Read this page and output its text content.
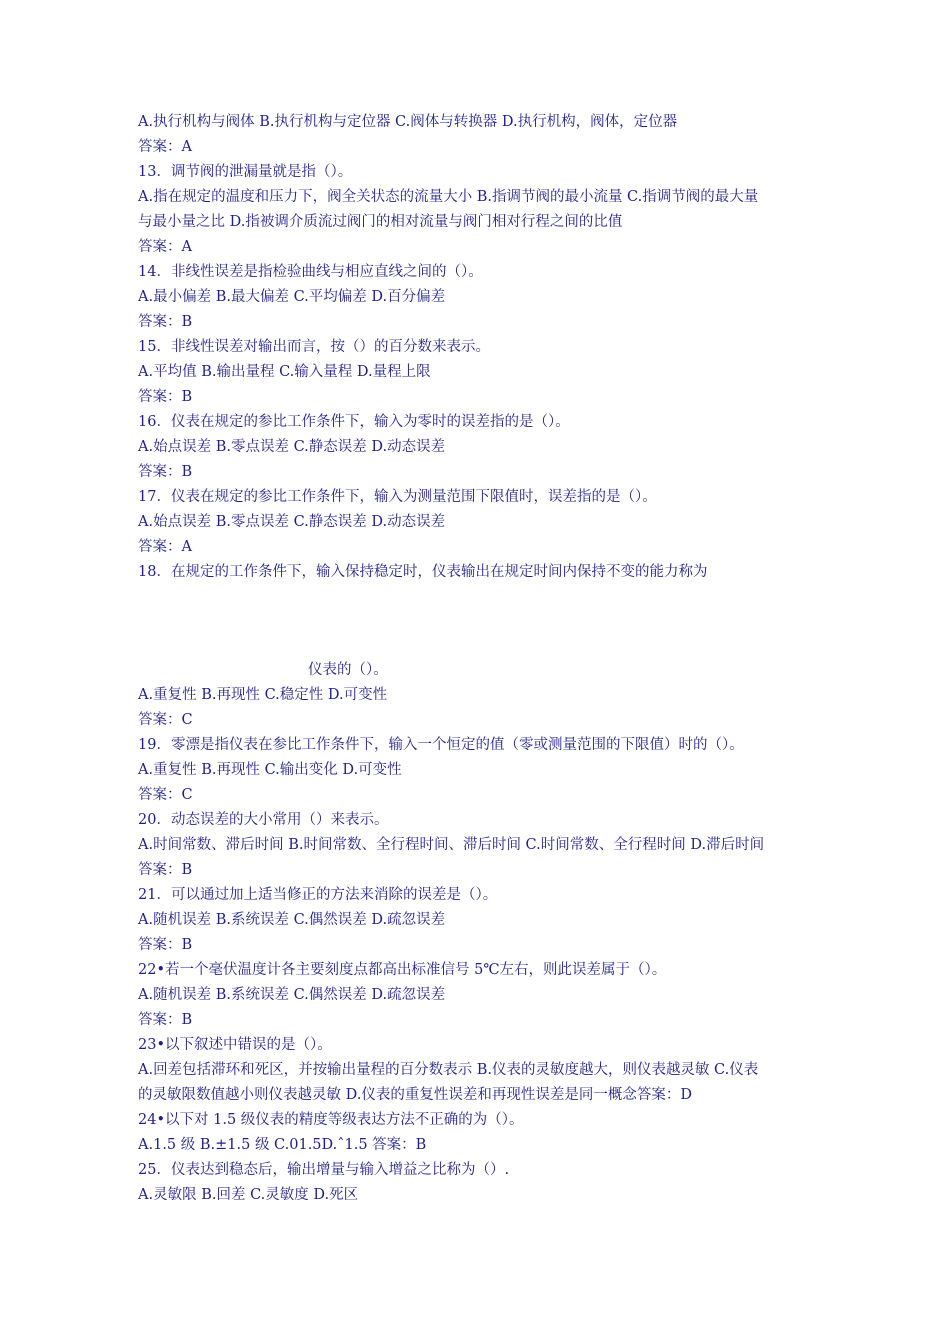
A.执行机构与阀体 B.执行机构与定位器 C.阀体与转换器 D.执行机构，阀体，定位器
答案：A
13．调节阀的泄漏量就是指（）。
A.指在规定的温度和压力下，阀全关状态的流量大小 B.指调节阀的最小流量 C.指调节阀的最大量
与最小量之比 D.指被调介质流过阀门的相对流量与阀门相对行程之间的比值
答案：A
14．非线性误差是指检验曲线与相应直线之间的（）。
A.最小偏差 B.最大偏差 C.平均偏差 D.百分偏差
答案：B
15．非线性误差对输出而言，按（）的百分数来表示。
A.平均值 B.输出量程 C.输入量程 D.量程上限
答案：B
16．仪表在规定的参比工作条件下，输入为零时的误差指的是（）。
A.始点误差 B.零点误差 C.静态误差 D.动态误差
答案：B
17．仪表在规定的参比工作条件下，输入为测量范围下限值时，误差指的是（）。
A.始点误差 B.零点误差 C.静态误差 D.动态误差
答案：A
18．在规定的工作条件下，输入保持稳定时，仪表输出在规定时间内保持不变的能力称为
仪表的（）。
A.重复性 B.再现性 C.稳定性 D.可变性
答案：C
19．零漂是指仪表在参比工作条件下，输入一个恒定的值（零或测量范围的下限值）时的（）。
A.重复性 B.再现性 C.输出变化 D.可变性
答案：C
20．动态误差的大小常用（）来表示。
A.时间常数、滞后时间 B.时间常数、全行程时间、滞后时间 C.时间常数、全行程时间 D.滞后时间
答案：B
21．可以通过加上适当修正的方法来消除的误差是（）。
A.随机误差 B.系统误差 C.偶然误差 D.疏忽误差
答案：B
22•若一个毫伏温度计各主要刻度点都高出标准信号 5℃左右，则此误差属于（）。
A.随机误差 B.系统误差 C.偶然误差 D.疏忽误差
答案：B
23•以下叙述中错误的是（）。
A.回差包括滞环和死区，并按输出量程的百分数表示 B.仪表的灵敏度越大，则仪表越灵敏 C.仪表
的灵敏限数值越小则仪表越灵敏 D.仪表的重复性误差和再现性误差是同一概念答案：D
24•以下对 1.5 级仪表的精度等级表达方法不正确的为（）。
A.1.5 级 B.±1.5 级 C.01.5D.ˆ1.5 答案：B
25．仪表达到稳态后，输出增量与输入增益之比称为（）.
A.灵敏限 B.回差 C.灵敏度 D.死区
